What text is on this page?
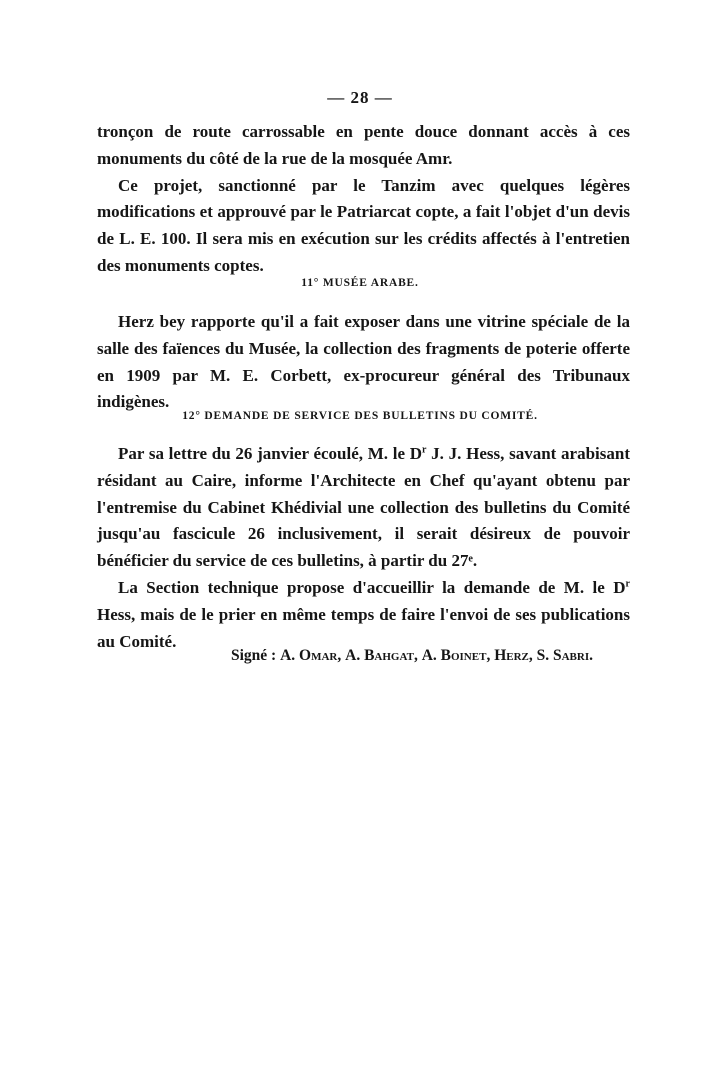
— 28 —

tronçon de route carrossable en pente douce donnant accès à ces monuments du côté de la rue de la mosquée Amr.

Ce projet, sanctionné par le Tanzim avec quelques légères modifications et approuvé par le Patriarcat copte, a fait l'objet d'un devis de L. E. 100. Il sera mis en exécution sur les crédits affectés à l'entretien des monuments coptes.

11° MUSÉE ARABE.

Herz bey rapporte qu'il a fait exposer dans une vitrine spéciale de la salle des faïences du Musée, la collection des fragments de poterie offerte en 1909 par M. E. Corbett, ex-procureur général des Tribunaux indigènes.

12° DEMANDE DE SERVICE DES BULLETINS DU COMITÉ.

Par sa lettre du 26 janvier écoulé, M. le $D^r$ J. J. Hess, savant arabisant résidant au Caire, informe l'Architecte en Chef qu'ayant obtenu par l'entremise du Cabinet Khédivial une collection des bulletins du Comité jusqu'au fascicule 26 inclusivement, il serait désireux de pouvoir bénéficier du service de ces bulletins, à partir du 27ᵉ.

La Section technique propose d'accueillir la demande de M. le $D^r$ Hess, mais de le prier en même temps de faire l'envoi de ses publications au Comité.

Signé : A. Omar, A. Bahgat, A. Boinet, Herz, S. Sabri.
